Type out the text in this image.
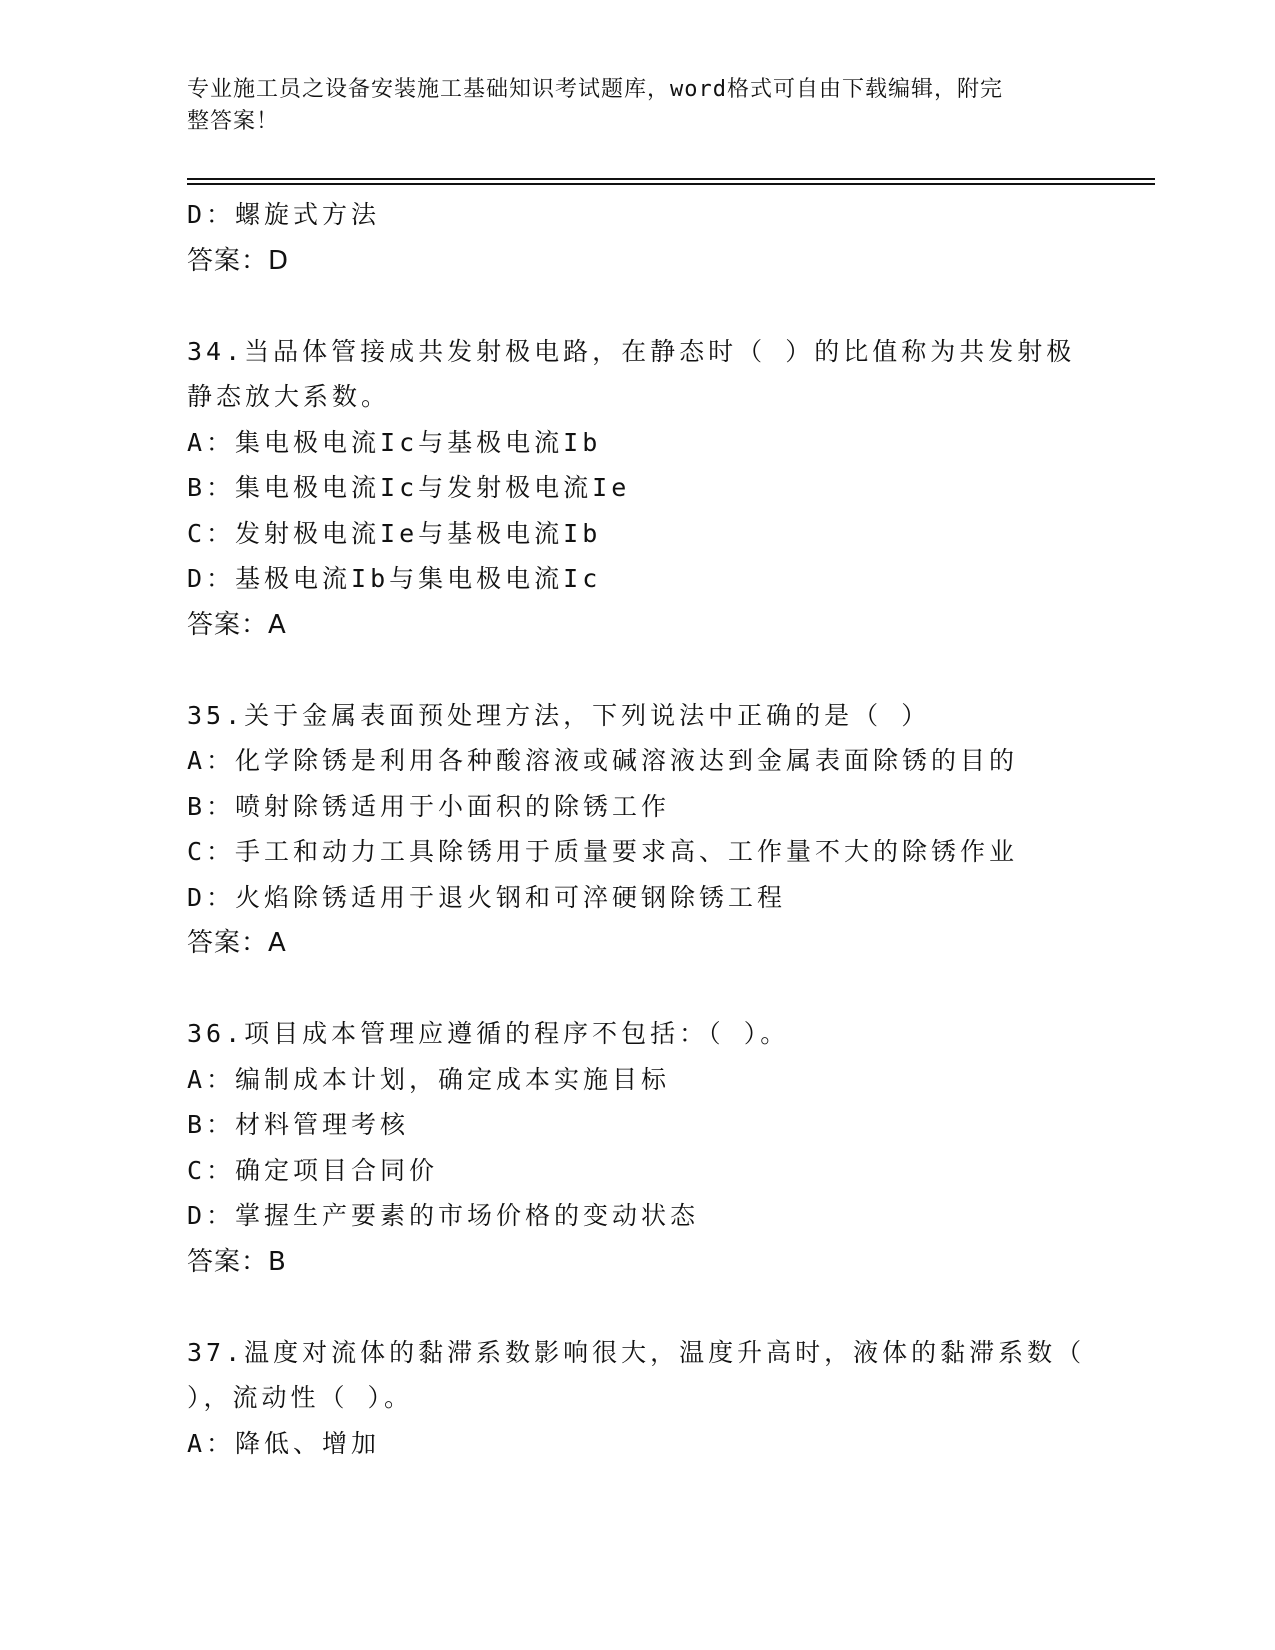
专业施工员之设备安装施工基础知识考试题库，word格式可自由下载编辑，附完
整答案！
D：螺旋式方法
答案：D
34.当品体管接成共发射极电路，在静态时（ ）的比值称为共发射极
静态放大系数。
A：集电极电流Ic与基极电流Ib
B：集电极电流Ic与发射极电流Ie
C：发射极电流Ie与基极电流Ib
D：基极电流Ib与集电极电流Ic
答案：A
35.关于金属表面预处理方法，下列说法中正确的是（ ）
A：化学除锈是利用各种酸溶液或碱溶液达到金属表面除锈的目的
B：喷射除锈适用于小面积的除锈工作
C：手工和动力工具除锈用于质量要求高、工作量不大的除锈作业
D：火焰除锈适用于退火钢和可淬硬钢除锈工程
答案：A
36.项目成本管理应遵循的程序不包括：（ ）。
A：编制成本计划，确定成本实施目标
B：材料管理考核
C：确定项目合同价
D：掌握生产要素的市场价格的变动状态
答案：B
37.温度对流体的黏滞系数影响很大，温度升高时，液体的黏滞系数（
），流动性（ ）。
A：降低、增加
